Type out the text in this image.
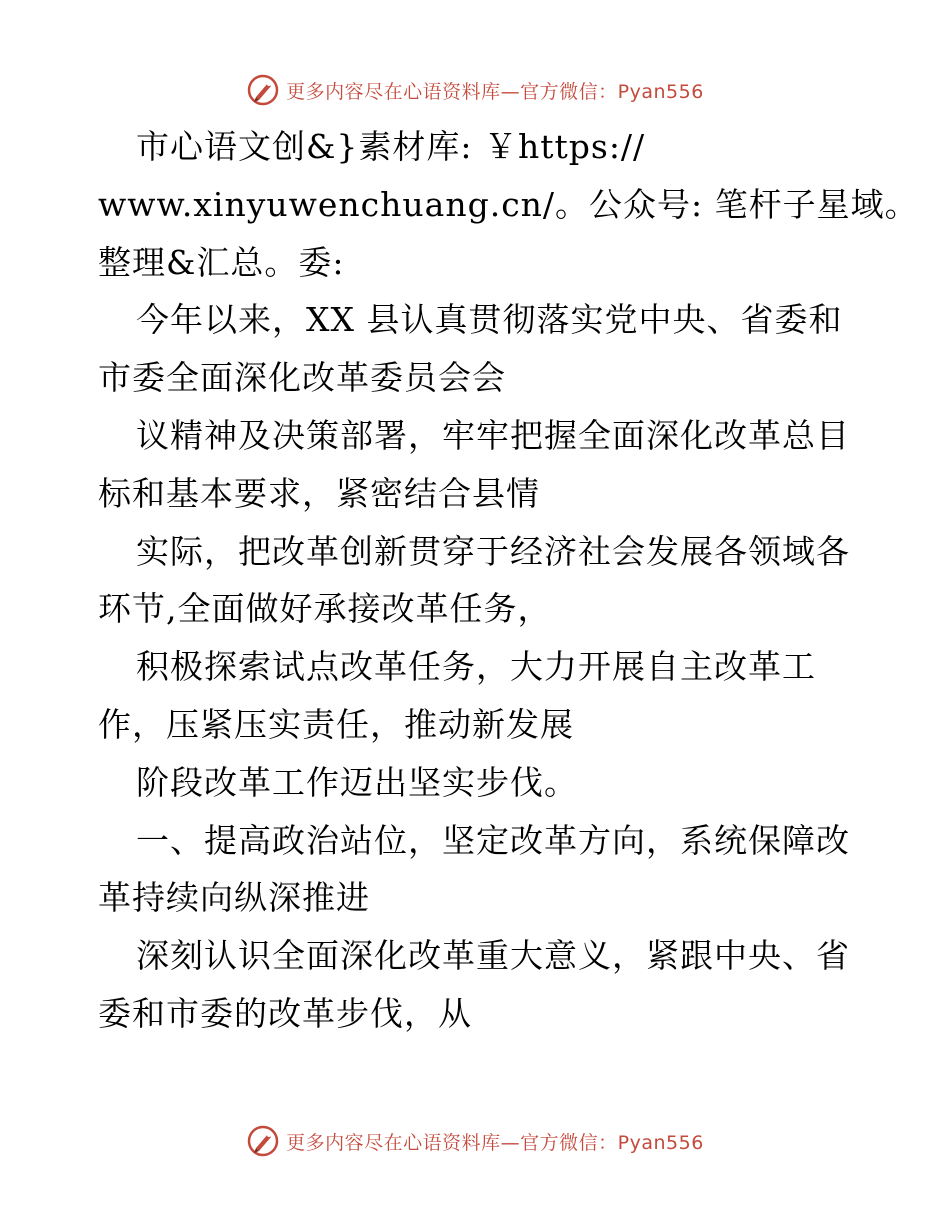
更多内容尽在心语资料库—官方微信：Pyan556
市心语文创&}素材库: ￥https://
www.xinyuwenchuang.cn/。公众号: 笔杆子星域。
整理&汇总。委:
今年以来，XX 县认真贯彻落实党中央、省委和
市委全面深化改革委员会会
议精神及决策部署，牢牢把握全面深化改革总目
标和基本要求，紧密结合县情
实际，把改革创新贯穿于经济社会发展各领域各
环节,全面做好承接改革任务，
积极探索试点改革任务，大力开展自主改革工
作，压紧压实责任，推动新发展
阶段改革工作迈出坚实步伐。
一、提高政治站位，坚定改革方向，系统保障改
革持续向纵深推进
深刻认识全面深化改革重大意义，紧跟中央、省
委和市委的改革步伐，从
更多内容尽在心语资料库—官方微信：Pyan556
